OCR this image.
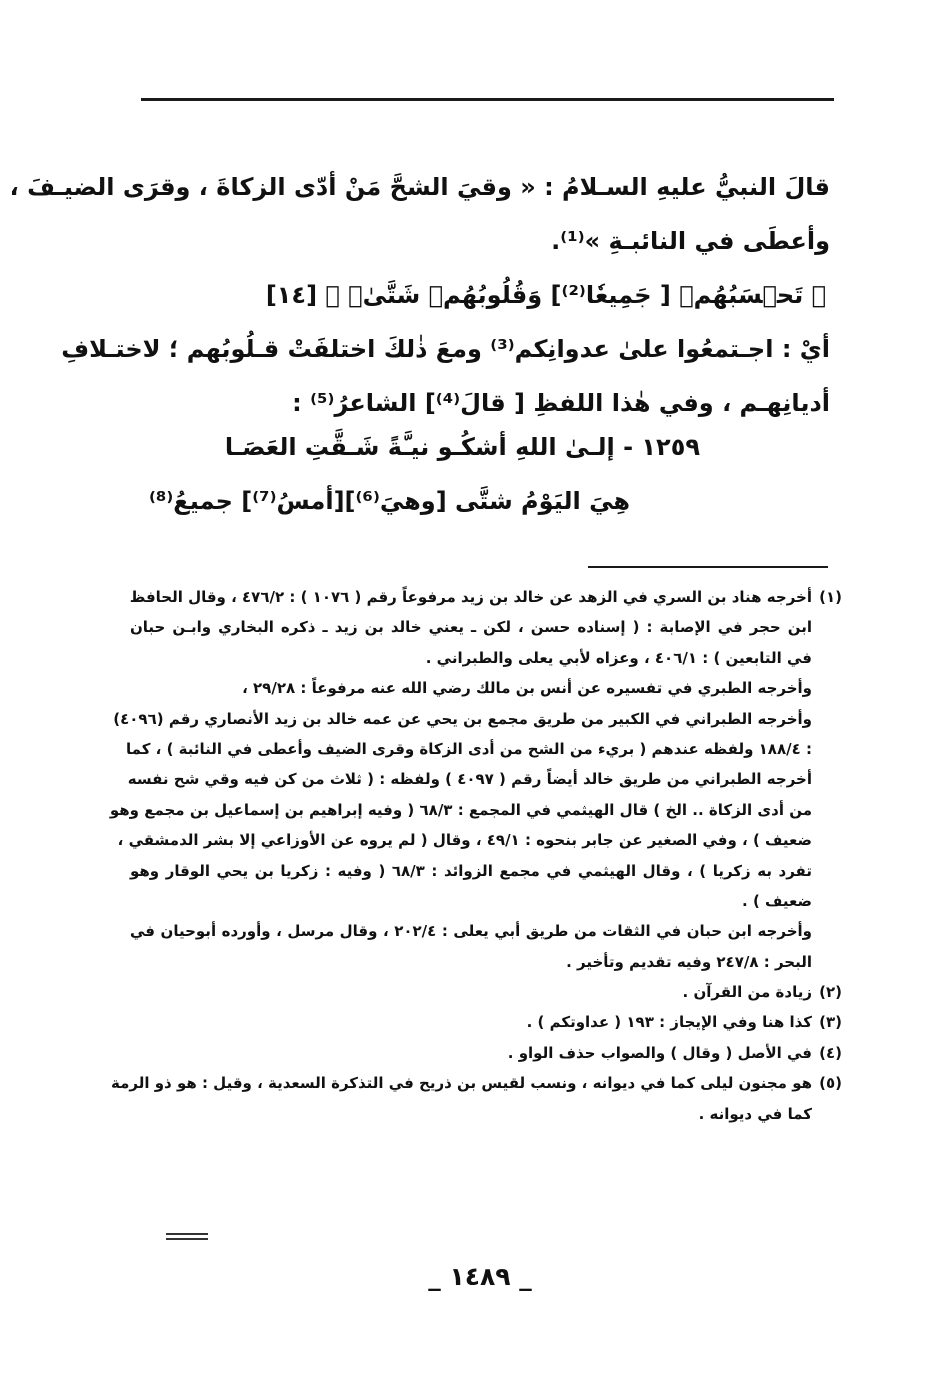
قالَ النبيُّ عليهِ السـلامُ : « وقيَ الشحَّ مَنْ أدّى الزكاةَ ، وقرَى الضيـفَ ،

وأعطَى في النائبـةِ »⁽¹⁾.

﴿ تَحۡسَبُهُمۡ [ جَمِيعٗا⁽²⁾] وَقُلُوبُهُمۡ شَتَّىٰۚ ﴾ [١٤]

أيْ : اجـتمعُوا علىٰ عدوانِكم⁽³⁾ ومعَ ذٰلكَ اختلفَتْ قـلُوبُهم ؛ لاختـلافِ

أديانِهـم ، وفي هٰذا اللفظِ [ قالَ⁽⁴⁾] الشاعرُ⁽⁵⁾ :

١٢٥٩ - إلـىٰ اللهِ أشكُـو نيـَّةً شَـقَّتِ العَصَـا
هِيَ اليَوْمُ شتَّى [وهيَ⁽⁶⁾][أمسُ⁽⁷⁾] جميعُ⁽⁸⁾
(١)أخرجه هناد بن السري في الزهد عن خالد بن زيد مرفوعاً رقم ( ١٠٧٦ ) : ٤٧٦/٢ ، وقال الحافظ
ابن حجر في الإصابة : ( إسناده حسن ، لكن ـ يعني خالد بن زيد ـ ذكره البخاري وابـن حبان
في التابعين ) : ٤٠٦/١ ، وعزاه لأبي يعلى والطبراني .
وأخرجه الطبري في تفسيره عن أنس بن مالك رضي الله عنه مرفوعاً : ٢٩/٢٨ ،
وأخرجه الطبراني في الكبير من طريق مجمع بن يحي عن عمه خالد بن زيد الأنصاري رقم (٤٠٩٦)
: ١٨٨/٤ ولفظه عندهم ( بريء من الشح من أدى الزكاة وقرى الضيف وأعطى في النائبة ) ، كما
أخرجه الطبراني من طريق خالد أيضاً رقم ( ٤٠٩٧ ) ولفظه : ( ثلاث من كن فيه وقي شح نفسه
من أدى الزكاة .. الخ ) قال الهيثمي في المجمع : ٦٨/٣ ( وفيه إبراهيم بن إسماعيل بن مجمع وهو
ضعيف ) ، وفي الصغير عن جابر بنحوه : ٤٩/١ ، وقال ( لم يروه عن الأوزاعي إلا بشر الدمشقي ،
تفرد به زكريا ) ، وقال الهيثمي في مجمع الزوائد : ٦٨/٣ ( وفيه : زكريا بن يحي الوقار وهو
ضعيف ) .
وأخرجه ابن حبان في الثقات من طريق أبي يعلى : ٢٠٢/٤ ، وقال مرسل ، وأورده أبوحيان في
البحر : ٢٤٧/٨ وفيه تقديم وتأخير .
(٢)زيادة من القرآن .
(٣)كذا هنا وفي الإيجاز : ١٩٣ ( عداوتكم ) .
(٤)في الأصل ( وقال ) والصواب حذف الواو .
(٥)هو مجنون ليلى كما في ديوانه ، ونسب لقيس بن ذريح في التذكرة السعدية ، وقيل : هو ذو الرمة
كما في ديوانه .
_ ١٤٨٩ _
